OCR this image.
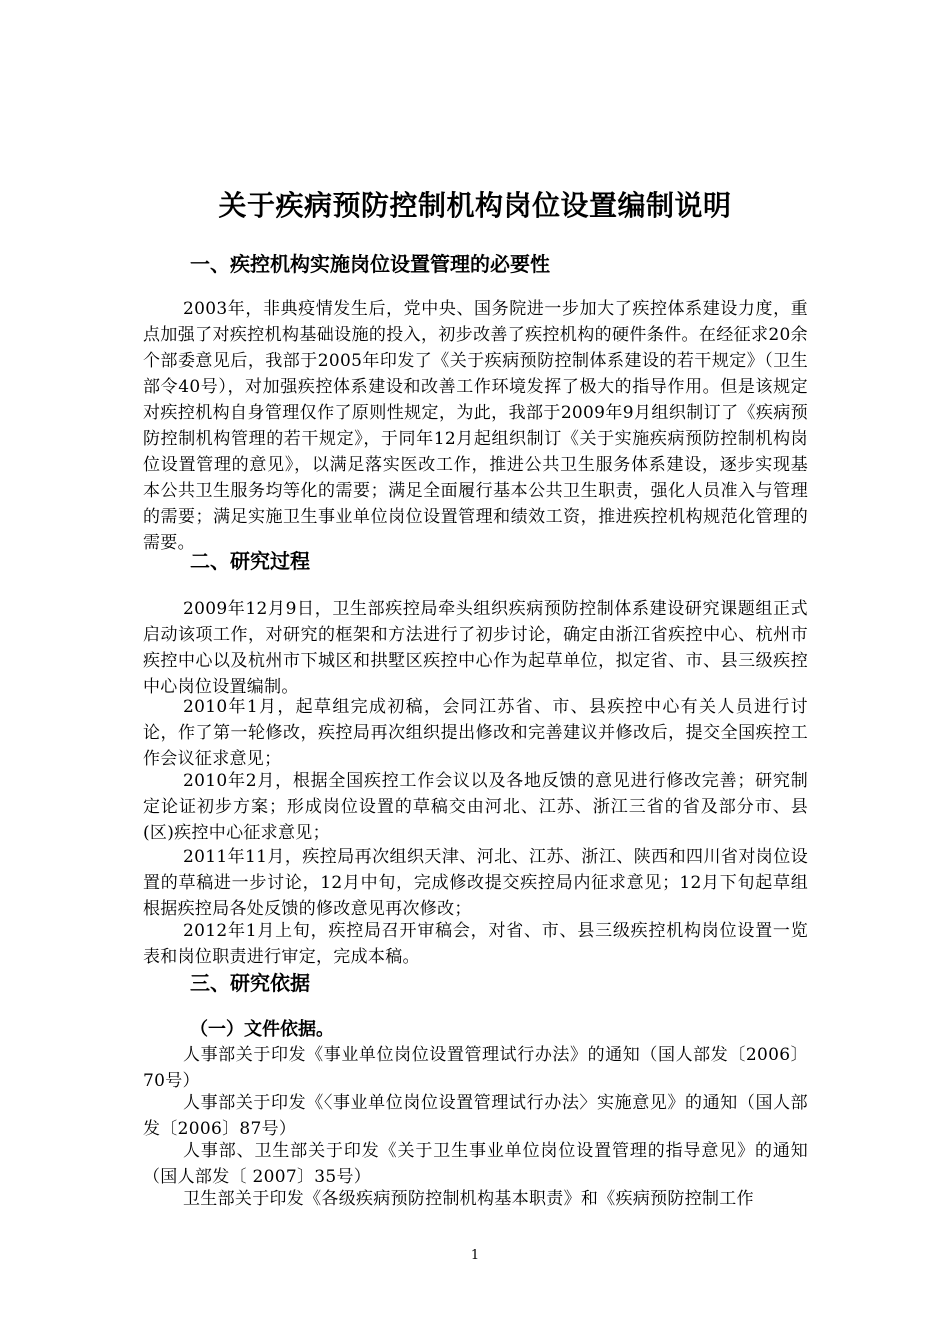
关于疾病预防控制机构岗位设置编制说明
一、疾控机构实施岗位设置管理的必要性

2003年，非典疫情发生后，党中央、国务院进一步加大了疾控体系建设力度，重点加强了对疾控机构基础设施的投入，初步改善了疾控机构的硬件条件。在经征求20余个部委意见后，我部于2005年印发了《关于疾病预防控制体系建设的若干规定》（卫生部令40号），对加强疾控体系建设和改善工作环境发挥了极大的指导作用。但是该规定对疾控机构自身管理仅作了原则性规定，为此，我部于2009年9月组织制订了《疾病预防控制机构管理的若干规定》，于同年12月起组织制订《关于实施疾病预防控制机构岗位设置管理的意见》，以满足落实医改工作，推进公共卫生服务体系建设，逐步实现基本公共卫生服务均等化的需要；满足全面履行基本公共卫生职责，强化人员准入与管理的需要；满足实施卫生事业单位岗位设置管理和绩效工资，推进疾控机构规范化管理的需要。

二、研究过程

2009年12月9日，卫生部疾控局牵头组织疾病预防控制体系建设研究课题组正式启动该项工作，对研究的框架和方法进行了初步讨论，确定由浙江省疾控中心、杭州市疾控中心以及杭州市下城区和拱墅区疾控中心作为起草单位，拟定省、市、县三级疾控中心岗位设置编制。

2010年1月，起草组完成初稿，会同江苏省、市、县疾控中心有关人员进行讨论，作了第一轮修改，疾控局再次组织提出修改和完善建议并修改后，提交全国疾控工作会议征求意见；

2010年2月，根据全国疾控工作会议以及各地反馈的意见进行修改完善；研究制定论证初步方案；形成岗位设置的草稿交由河北、江苏、浙江三省的省及部分市、县(区)疾控中心征求意见；

2011年11月，疾控局再次组织天津、河北、江苏、浙江、陕西和四川省对岗位设置的草稿进一步讨论，12月中旬，完成修改提交疾控局内征求意见；12月下旬起草组根据疾控局各处反馈的修改意见再次修改；

2012年1月上旬，疾控局召开审稿会，对省、市、县三级疾控机构岗位设置一览表和岗位职责进行审定，完成本稿。

三、研究依据
（一）文件依据。

人事部关于印发《事业单位岗位设置管理试行办法》的通知（国人部发〔2006〕70号）

人事部关于印发《〈事业单位岗位设置管理试行办法〉实施意见》的通知（国人部发〔2006〕87号）

人事部、卫生部关于印发《关于卫生事业单位岗位设置管理的指导意见》的通知（国人部发〔 2007〕35号）

卫生部关于印发《各级疾病预防控制机构基本职责》和《疾病预防控制工作

1
